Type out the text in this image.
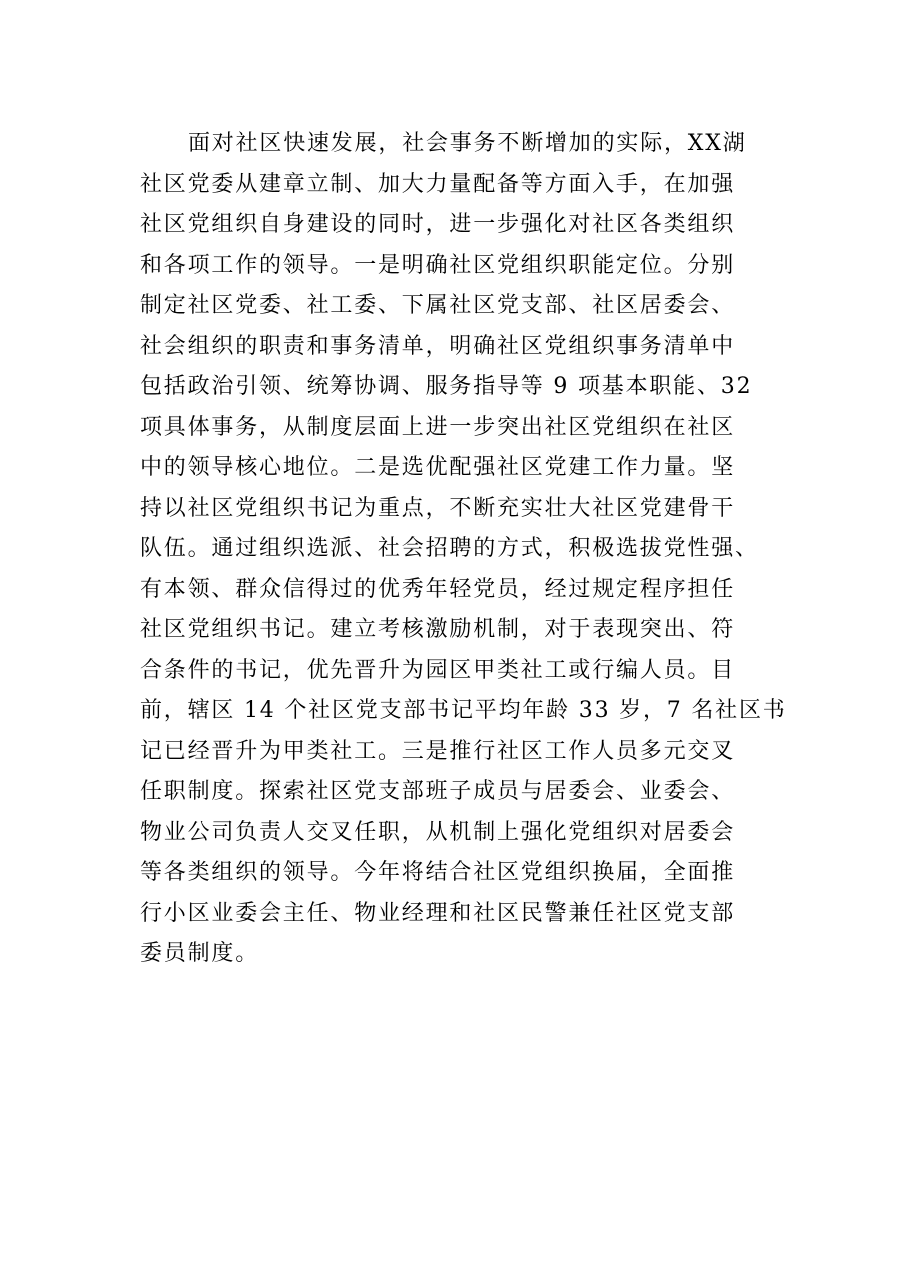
面对社区快速发展，社会事务不断增加的实际，XX湖
社区党委从建章立制、加大力量配备等方面入手，在加强
社区党组织自身建设的同时，进一步强化对社区各类组织
和各项工作的领导。一是明确社区党组织职能定位。分别
制定社区党委、社工委、下属社区党支部、社区居委会、
社会组织的职责和事务清单，明确社区党组织事务清单中
包括政治引领、统筹协调、服务指导等 9 项基本职能、32
项具体事务，从制度层面上进一步突出社区党组织在社区
中的领导核心地位。二是选优配强社区党建工作力量。坚
持以社区党组织书记为重点，不断充实壮大社区党建骨干
队伍。通过组织选派、社会招聘的方式，积极选拔党性强、
有本领、群众信得过的优秀年轻党员，经过规定程序担任
社区党组织书记。建立考核激励机制，对于表现突出、符
合条件的书记，优先晋升为园区甲类社工或行编人员。目
前，辖区 14 个社区党支部书记平均年龄 33 岁，7 名社区书
记已经晋升为甲类社工。三是推行社区工作人员多元交叉
任职制度。探索社区党支部班子成员与居委会、业委会、
物业公司负责人交叉任职，从机制上强化党组织对居委会
等各类组织的领导。今年将结合社区党组织换届，全面推
行小区业委会主任、物业经理和社区民警兼任社区党支部
委员制度。
